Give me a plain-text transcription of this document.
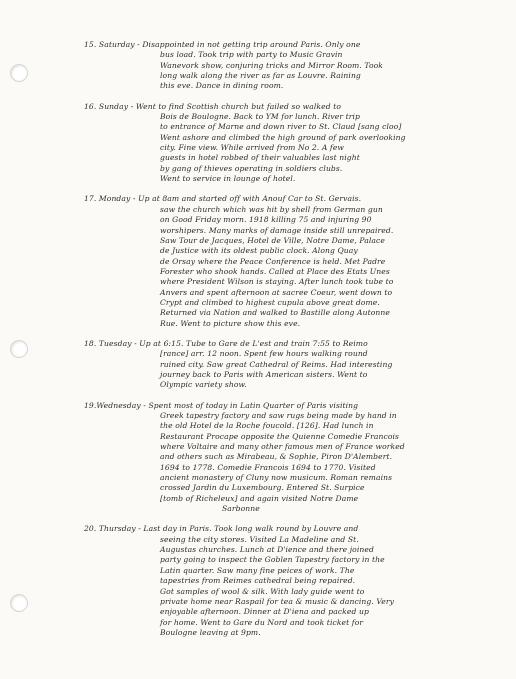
15. Saturday - Disappointed in not getting trip around Paris. Only one
bus load. Took trip with party to Music Gravin
Wanevork show, conjuring tricks and Mirror Room. Took
long walk along the river as far as Louvre. Raining
this eve. Dance in dining room.
16. Sunday - Went to find Scottish church but failed so walked to
Bois de Boulogne. Back to YM for lunch. River trip
to entrance of Marne and down river to St. Claud [sang cloo]
Went ashore and climbed the high ground of park overlooking
city. Fine view. While arrived from No 2. A few
guests in hotel robbed of their valuables last night
by gang of thieves operating in soldiers clubs.
Went to service in lounge of hotel.
17. Monday - Up at 8am and started off with Anouf Car to St. Gervais.
saw the church which was hit by shell from German gun
on Good Friday morn. 1918 killing 75 and injuring 90
worshipers. Many marks of damage inside still unrepaired.
Saw Tour de Jacques, Hotel de Ville, Notre Dame, Palace
de Justice with its oldest public clock. Along Quay
de Orsay where the Peace Conference is held. Met Padre
Forester who shook hands. Called at Place des Etats Unes
where President Wilson is staying. After lunch took tube to
Anvers and spent afternoon at sacree Coeur, went down to
Crypt and climbed to highest cupula above great dome.
Returned via Nation and walked to Bastille along Autonne
Rue. Went to picture show this eve.
18. Tuesday - Up at 6:15. Tube to Gare de L'est and train 7:55 to Reimo
[rance] arr. 12 noon. Spent few hours walking round
ruined city. Saw great Cathedral of Reims. Had interesting
journey back to Paris with American sisters. Went to
Olympic variety show.
19.Wednesday - Spent most of today in Latin Quarter of Paris visiting
Greek tapestry factory and saw rugs being made by hand in
the old Hotel de la Roche foucold. [126]. Had lunch in
Restaurant Procape opposite the Quienne Comedie Francois
where Voltaire and many other famous men of France worked
and others such as Mirabeau, & Sophie, Piron D'Alembert.
1694 to 1778. Comedie Francois 1694 to 1770. Visited
ancient monastery of Cluny now musicum. Roman remains
crossed Jardin du Luxembourg. Entered St. Surpice
[tomb of Richeleux] and again visited Notre Dame
Sarbonne
20. Thursday - Last day in Paris. Took long walk round by Louvre and
seeing the city stores. Visited La Madeline and St.
Augustas churches. Lunch at D'ience and there joined
party going to inspect the Goblen Tapestry factory in the
Latin quarter. Saw many fine peices of work. The
tapestries from Reimes cathedral being repaired.
Got samples of wool & silk. With lady guide went to
private home near Raspail for tea & music & dancing. Very
enjoyable afternoon. Dinner at D'iena and packed up
for home. Went to Gare du Nord and took ticket for
Boulogne leaving at 9pm.
